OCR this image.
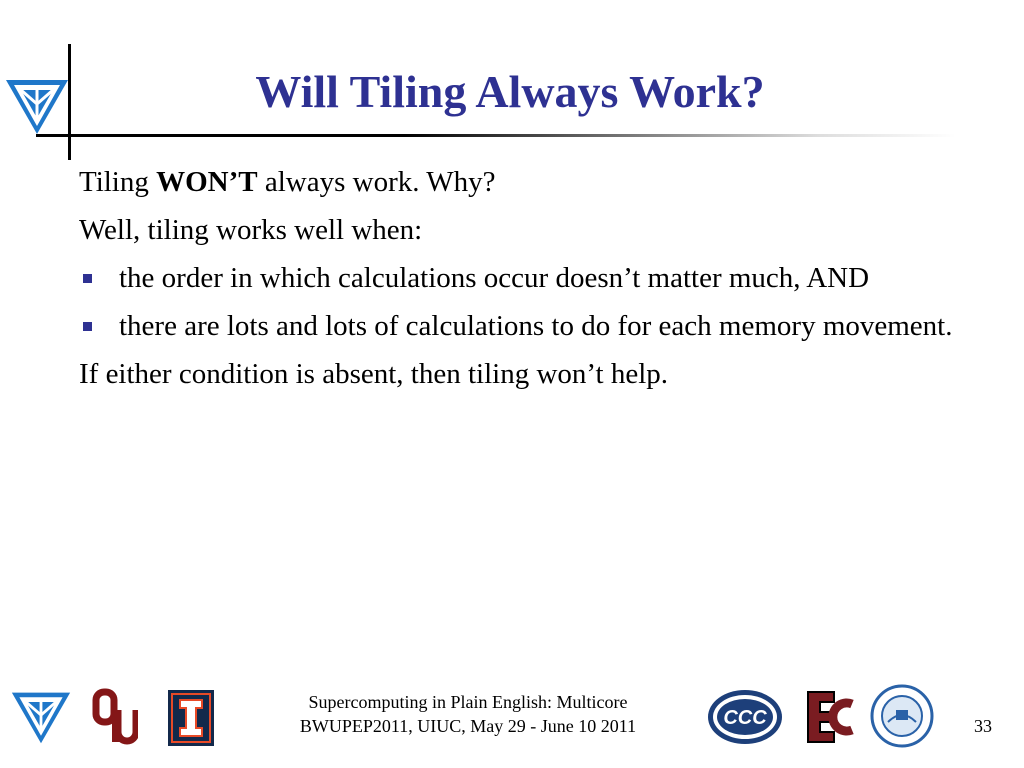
Will Tiling Always Work?

Tiling WON’T always work. Why?

Well, tiling works well when:

the order in which calculations occur doesn’t matter much, AND
there are lots and lots of calculations to do for each memory movement.

If either condition is absent, then tiling won’t help.

Supercomputing in Plain English: Multicore
BWUPEP2011, UIUC, May 29 - June 10 2011	CCC	33
